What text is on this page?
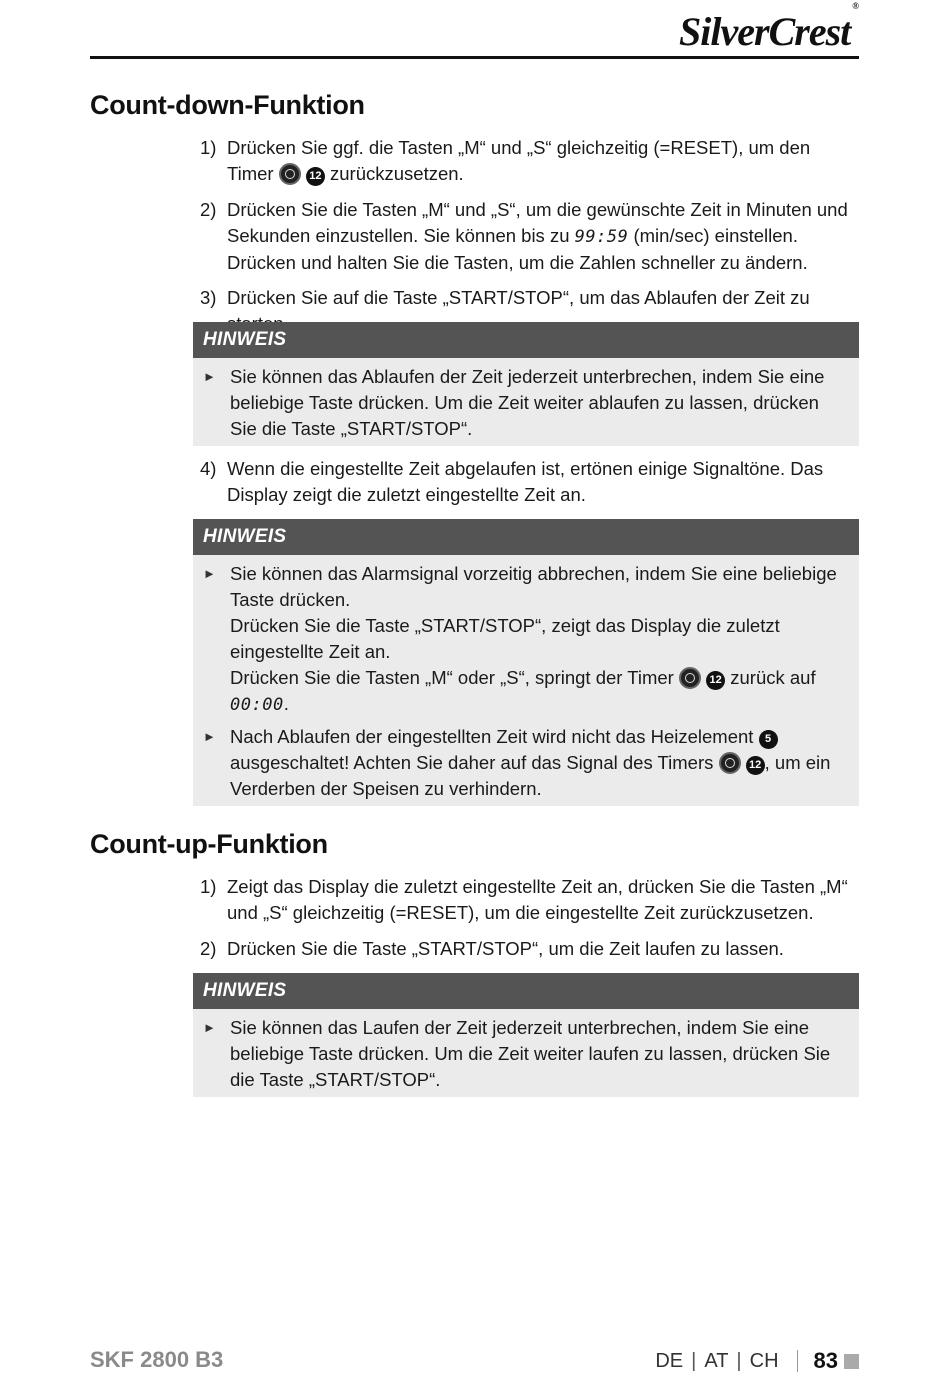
SilverCrest®
Count-down-Funktion
1) Drücken Sie ggf. die Tasten „M“ und „S“ gleichzeitig (=RESET), um den Timer	12 zurückzusetzen.
2) Drücken Sie die Tasten „M“ und „S“, um die gewünschte Zeit in Minuten und Sekunden einzustellen. Sie können bis zu 99:59 (min/sec) einstellen. Drücken und halten Sie die Tasten, um die Zahlen schneller zu ändern.
3) Drücken Sie auf die Taste „START/STOP“, um das Ablaufen der Zeit zu
HINWEIS
► Sie können das Ablaufen der Zeit jederzeit unterbrechen, indem Sie eine beliebige Taste drücken. Um die Zeit weiter ablaufen zu lassen, drücken Sie die Taste „START/STOP“.

4) Wenn die eingestellte Zeit abgelaufen ist, ertönen einige Signaltöne. Das Display zeigt die zuletzt eingestellte Zeit an.
HINWEIS
► Sie können das Alarmsignal vorzeitig abbrechen, indem Sie eine beliebige Taste drücken.

Drücken Sie die Taste „START/STOP“, zeigt das Display die zuletzt eingestellte Zeit an.

Drücken Sie die Tasten „M“ oder „S“, springt der Timer	12 zurück auf 00:00.

► Nach Ablaufen der eingestellten Zeit wird nicht das Heizelement 5 ausgeschaltet! Achten Sie daher auf das Signal des Timers	12 , um ein Verderben der Speisen zu verhindern.

Count-up-Funktion
1) Zeigt das Display die zuletzt eingestellte Zeit an, drücken Sie die Tasten „M“ und „S“ gleichzeitig (=RESET), um die eingestellte Zeit zurückzusetzen.
2) Drücken Sie die Taste „START/STOP“, um die Zeit laufen zu lassen.
HINWEIS
► Sie können das Laufen der Zeit jederzeit unterbrechen, indem Sie eine beliebige Taste drücken. Um die Zeit weiter laufen zu lassen, drücken Sie die Taste „START/STOP“.

SKF 2800 B3	DE | AT | CH 83
